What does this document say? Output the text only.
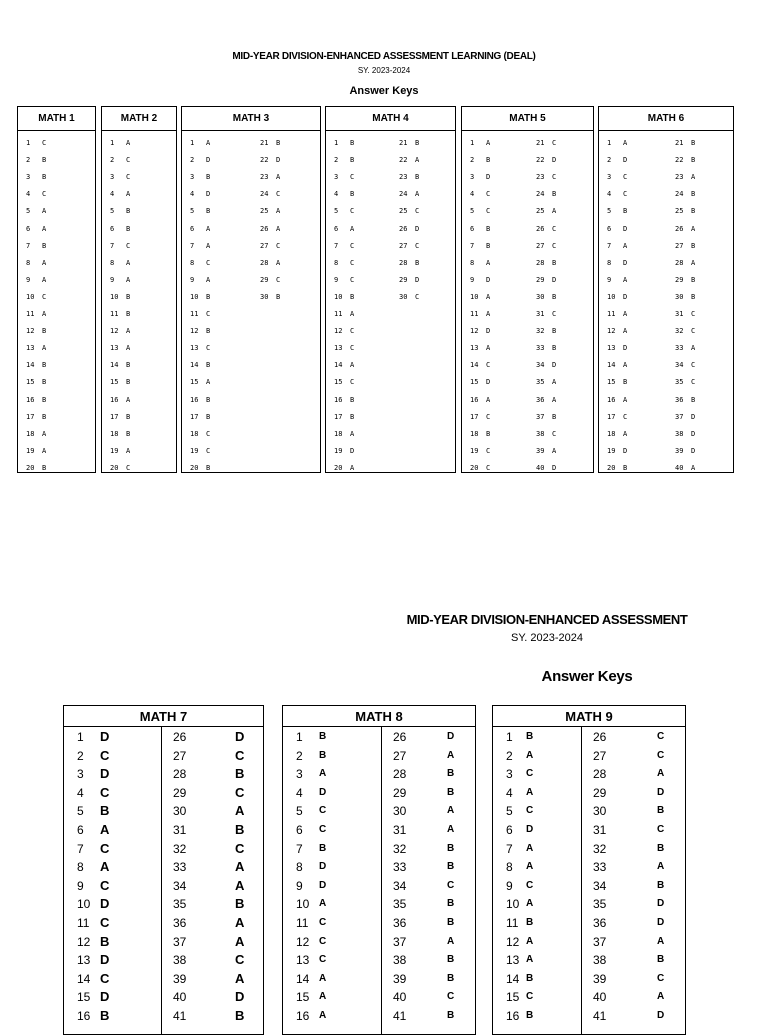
MID-YEAR DIVISION-ENHANCED ASSESSMENT LEARNING (DEAL)
SY. 2023-2024
Answer Keys
MATH 1
1 C
2 B
3 B
4 C
5 A
6 A
7 B
8 A
9 A
10 C
11 A
12 B
13 A
14 B
15 B
16 B
17 B
18 A
19 A
20 B
MATH 2
1 A
2 C
3 C
4 A
5 B
6 B
7 C
8 A
9 A
10 B
11 B
12 A
13 A
14 B
15 B
16 A
17 B
18 B
19 A
20 C
MATH 3
1 A
2 D
3 B
4 D
5 B
6 A
7 A
8 C
9 A
10 B
11 C
12 B
13 C
14 B
15 A
16 B
17 B
18 C
19 C
20 B
21 B
22 D
23 A
24 C
25 A
26 A
27 C
28 A
29 C
30 B
MATH 4
1 B
2 B
3 C
4 B
5 C
6 A
7 C
8 C
9 C
10 B
11 A
12 C
13 C
14 A
15 C
16 B
17 B
18 A
19 D
20 A
21 B
22 A
23 B
24 A
25 C
26 D
27 C
28 B
29 D
30 C
MATH 5
1 A
2 B
3 D
4 C
5 C
6 B
7 B
8 A
9 D
10 A
11 A
12 D
13 A
14 C
15 D
16 A
17 C
18 B
19 C
20 C
21 C
22 D
23 C
24 B
25 A
26 C
27 C
28 B
29 D
30 B
31 C
32 B
33 B
34 D
35 A
36 A
37 B
38 C
39 A
40 D
MATH 6
1 A
2 D
3 C
4 C
5 B
6 D
7 A
8 D
9 A
10 D
11 A
12 A
13 D
14 A
15 B
16 A
17 C
18 A
19 D
20 B
21 B
22 B
23 A
24 B
25 B
26 A
27 B
28 A
29 B
30 B
31 C
32 C
33 A
34 C
35 C
36 B
37 D
38 D
39 D
40 A
MID-YEAR DIVISION-ENHANCED ASSESSMENT
SY. 2023-2024
Answer Keys
MATH 7
1 D	26	D
2 C	27	C
3 D	28	B
4 C	29	C
5 B	30	A
6 A	31	B
7 C	32	C
8 A	33	A
9 C	34	A
10 D	35	B
11 C	36	A
12 B	37	A
13 D	38	C
14 C	39	A
15 D	40	D
16 B	41	B
MATH 8
1 B	26	D
2 B	27	A
3 A	28	B
4 D	29	B
5 C	30	A
6 C	31	A
7 B	32	B
8 D	33	B
9 D	34	C
10 A	35	B
11 C	36	B
12 C	37	A
13 C	38	B
14 A	39	B
15 A	40	C
16 A	41	B
MATH 9
1 B	26	C
2 A	27	C
3 C	28	A
4 A	29	D
5 C	30	B
6 D	31	C
7 A	32	B
8 A	33	A
9 C	34	B
10 A	35	D
11 B	36	D
12 A	37	A
13 A	38	B
14 B	39	C
15 C	40	A
16 B	41	D
